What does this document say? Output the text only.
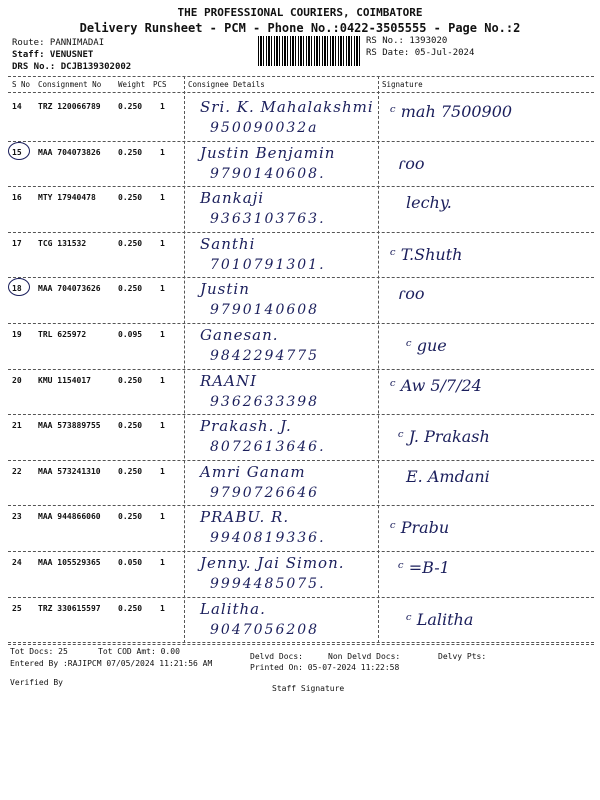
THE PROFESSIONAL COURIERS, COIMBATORE
Delivery Runsheet - PCM - Phone No.:0422-3505555 - Page No.:2
Route: PANNIMADAI
Staff: VENUSNET
DRS No.: DCJB139302002
RS No.: 1393020
RS Date: 05-Jul-2024
S No Consignment No Weight PCS	Consignee Details	Signature
14 TRZ 120066789 0.250 1 Sri. K. Mahalakshmi
950090032a
ᶜ mah 7500900
15 MAA 704073826 0.250 1 Justin Benjamin
9790140608.
ɾoo
16 MTY 17940478	0.250 1 Bankaji
9363103763.
lechy.
17 TCG 131532	0.250 1 Santhi
7010791301.
ᶜ T.Shuth
18 MAA 704073626 0.250 1 Justin
9790140608
ɾoo
19 TRL 625972	0.095 1 Ganesan.
9842294775
ᶜ gue
20 KMU 1154017	0.250 1 RAANI
9362633398
ᶜ Aw 5/7/24
21 MAA 573889755 0.250 1 Prakash. J.
8072613646.
ᶜ J. Prakash
22 MAA 573241310 0.250 1 Amri Ganam
9790726646
E. Amdani
23 MAA 944866060 0.250 1 PRABU. R.
9940819336.
ᶜ Prabu
24 MAA 105529365 0.050 1 Jenny. Jai Simon.
9994485075.
ᶜ =B-1
25 TRZ 330615597 0.250 1 Lalitha.
9047056208
ᶜ Lalitha
Tot Docs: 25	Tot COD Amt: 0.00
Delvd Docs:	Non Delvd Docs:	Delvy Pts:
Entered By :RAJIPCM 07/05/2024 11:21:56 AM	Printed On: 05-07-2024 11:22:58
Verified By
Staff Signature
